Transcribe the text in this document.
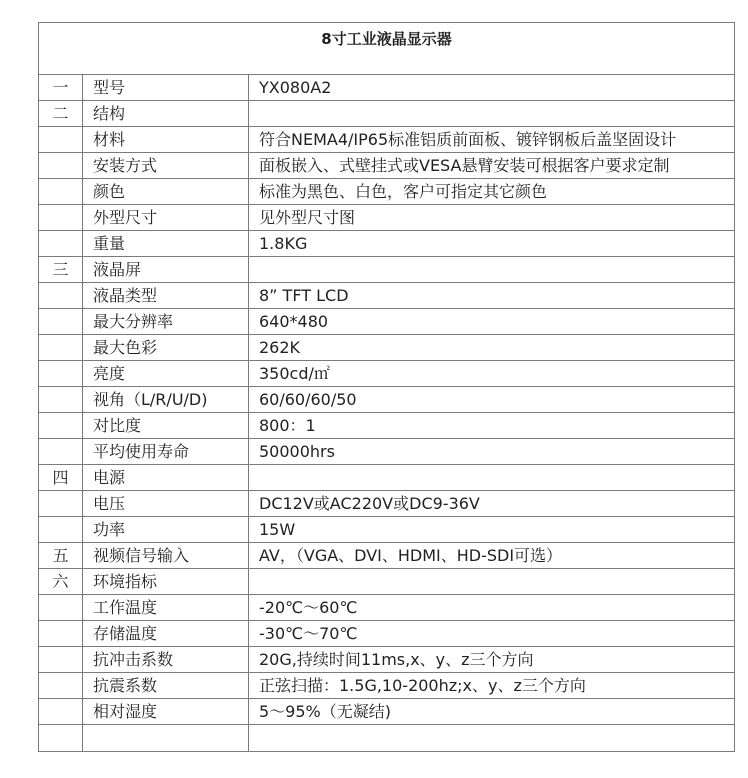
8寸工业液晶显示器		
一	型号	YX080A2
二	结构	
	材料	符合NEMA4/IP65标准铝质前面板、镀锌钢板后盖坚固设计
	安装方式	面板嵌入、式壁挂式或VESA悬臂安装可根据客户要求定制
	颜色	标准为黑色、白色，客户可指定其它颜色
	外型尺寸	见外型尺寸图
	重量	1.8KG
三	液晶屏	
	液晶类型	8” TFT LCD
	最大分辨率	640*480
	最大色彩	262K
	亮度	350cd/㎡
	视角（L/R/U/D)	60/60/60/50
	对比度	800：1
	平均使用寿命	50000hrs
四	电源	
	电压	DC12V或AC220V或DC9-36V
	功率	15W
五	视频信号输入	AV，（VGA、DVI、HDMI、HD-SDI可选）
六	环境指标	
	工作温度	-20℃～60℃
	存储温度	-30℃～70℃
	抗冲击系数	20G,持续时间11ms,x、y、z三个方向
	抗震系数	正弦扫描：1.5G,10-200hz;x、y、z三个方向
	相对湿度	5～95%（无凝结)
